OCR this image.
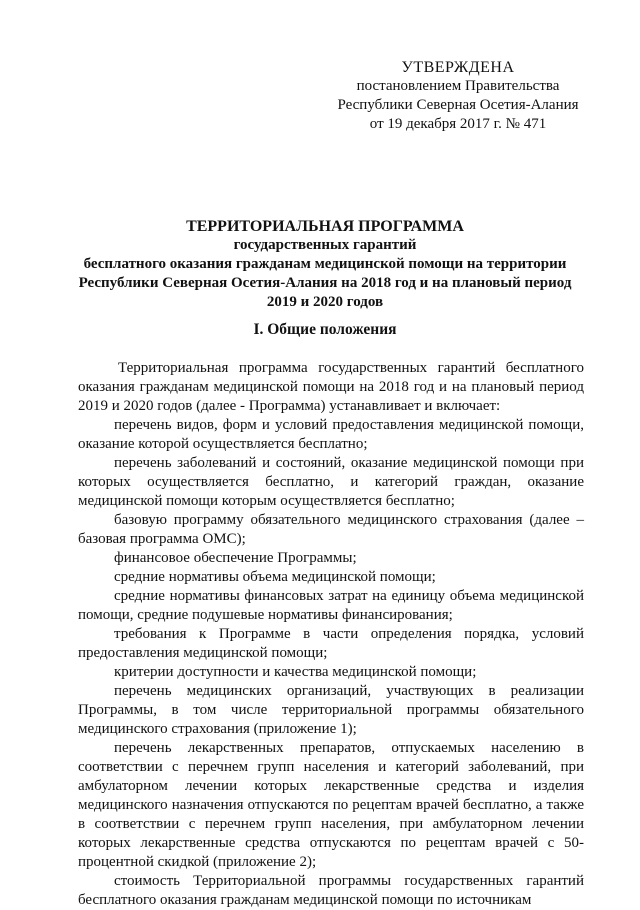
УТВЕРЖДЕНА
постановлением Правительства
Республики Северная Осетия-Алания
от 19 декабря 2017 г. № 471
ТЕРРИТОРИАЛЬНАЯ ПРОГРАММА
государственных гарантий
бесплатного оказания гражданам медицинской помощи на территории
Республики Северная Осетия-Алания на 2018 год и на плановый период
2019 и 2020 годов
I. Общие положения

Территориальная программа государственных гарантий бесплатного оказания гражданам медицинской помощи на 2018 год и на плановый период 2019 и 2020 годов (далее - Программа) устанавливает и включает:

перечень видов, форм и условий предоставления медицинской помощи, оказание которой осуществляется бесплатно;

перечень заболеваний и состояний, оказание медицинской помощи при которых осуществляется бесплатно, и категорий граждан, оказание медицинской помощи которым осуществляется бесплатно;

базовую программу обязательного медицинского страхования (далее – базовая программа ОМС);

финансовое обеспечение Программы;

средние нормативы объема медицинской помощи;

средние нормативы финансовых затрат на единицу объема медицинской помощи, средние подушевые нормативы финансирования;

требования к Программе в части определения порядка, условий предоставления медицинской помощи;

критерии доступности и качества медицинской помощи;

перечень медицинских организаций, участвующих в реализации Программы, в том числе территориальной программы обязательного медицинского страхования (приложение 1);

перечень лекарственных препаратов, отпускаемых населению в соответствии с перечнем групп населения и категорий заболеваний, при амбулаторном лечении которых лекарственные средства и изделия медицинского назначения отпускаются по рецептам врачей бесплатно, а также в соответствии с перечнем групп населения, при амбулаторном лечении которых лекарственные средства отпускаются по рецептам врачей с 50-процентной скидкой (приложение 2);

стоимость Территориальной программы государственных гарантий бесплатного оказания гражданам медицинской помощи по источникам
